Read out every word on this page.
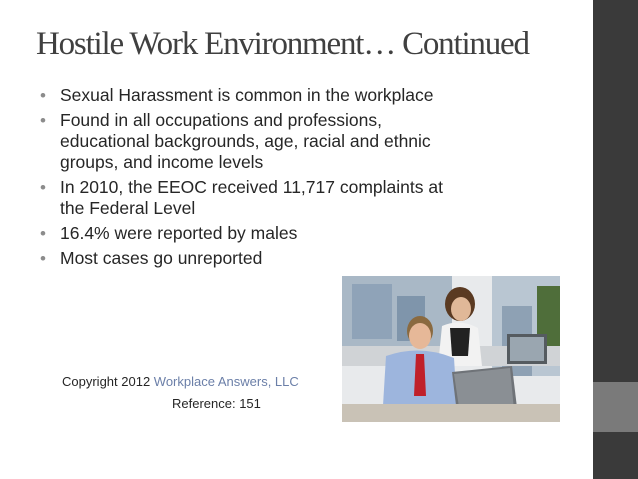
Hostile Work Environment… Continued
• Sexual Harassment is common in the workplace
• Found in all occupations and professions, educational backgrounds, age, racial and ethnic groups, and income levels
• In 2010, the EEOC received 11,717 complaints at the Federal Level
• 16.4% were reported by males
• Most cases go unreported
Copyright 2012 Workplace Answers, LLC
Reference: 151
